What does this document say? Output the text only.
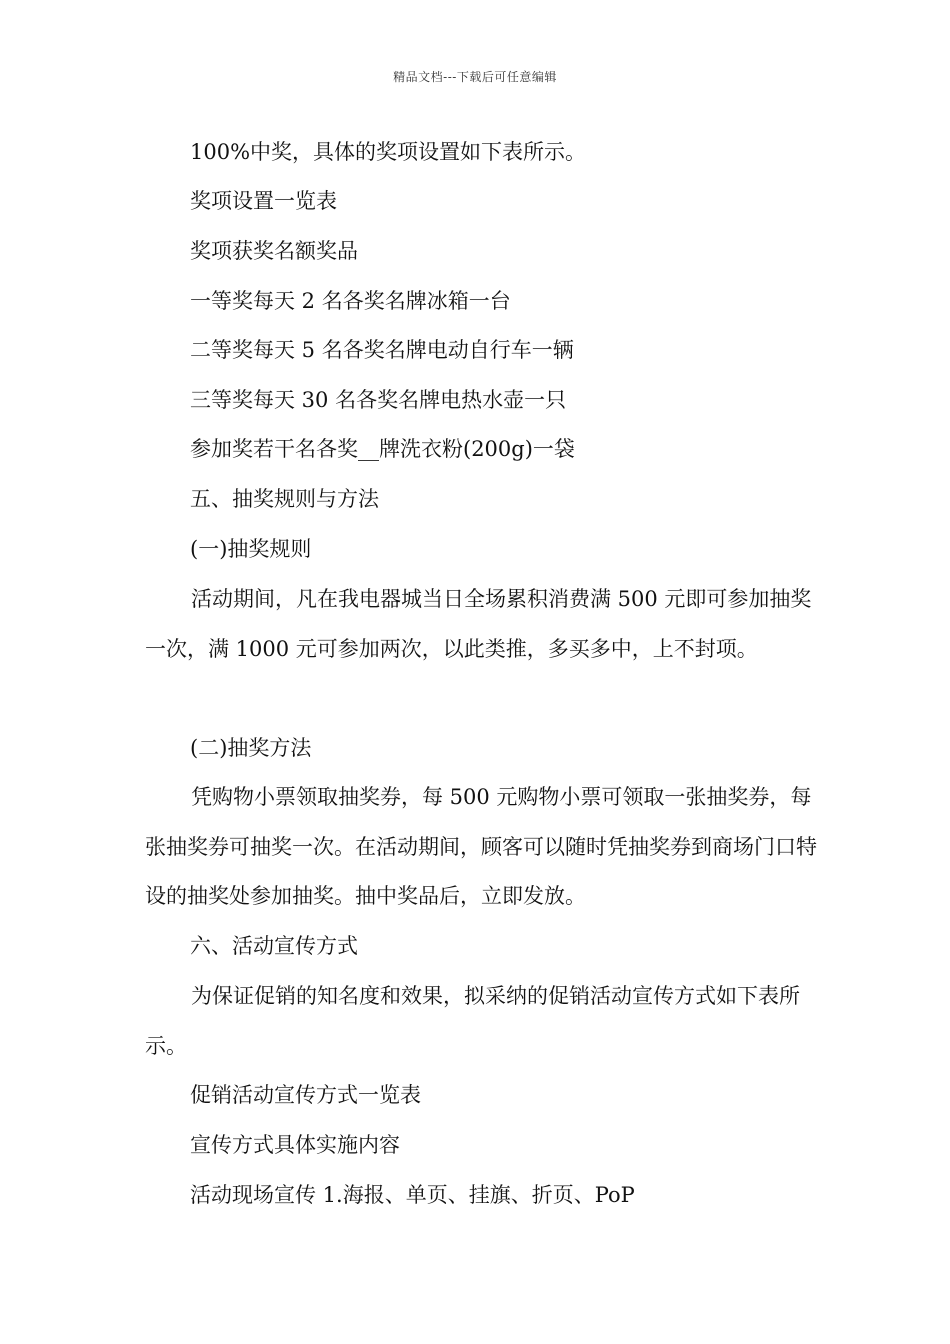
精品文档---下载后可任意编辑
100%中奖，具体的奖项设置如下表所示。
奖项设置一览表
奖项获奖名额奖品
一等奖每天 2 名各奖名牌冰箱一台
二等奖每天 5 名各奖名牌电动自行车一辆
三等奖每天 30 名各奖名牌电热水壶一只
参加奖若干名各奖__牌洗衣粉(200g)一袋
五、抽奖规则与方法
(一)抽奖规则
活动期间，凡在我电器城当日全场累积消费满 500 元即可参加抽奖一次，满 1000 元可参加两次，以此类推，多买多中，上不封项。
(二)抽奖方法
凭购物小票领取抽奖券，每 500 元购物小票可领取一张抽奖券，每张抽奖券可抽奖一次。在活动期间，顾客可以随时凭抽奖券到商场门口特设的抽奖处参加抽奖。抽中奖品后，立即发放。
六、活动宣传方式
为保证促销的知名度和效果，拟采纳的促销活动宣传方式如下表所示。
促销活动宣传方式一览表
宣传方式具体实施内容
活动现场宣传 1.海报、单页、挂旗、折页、PoP
